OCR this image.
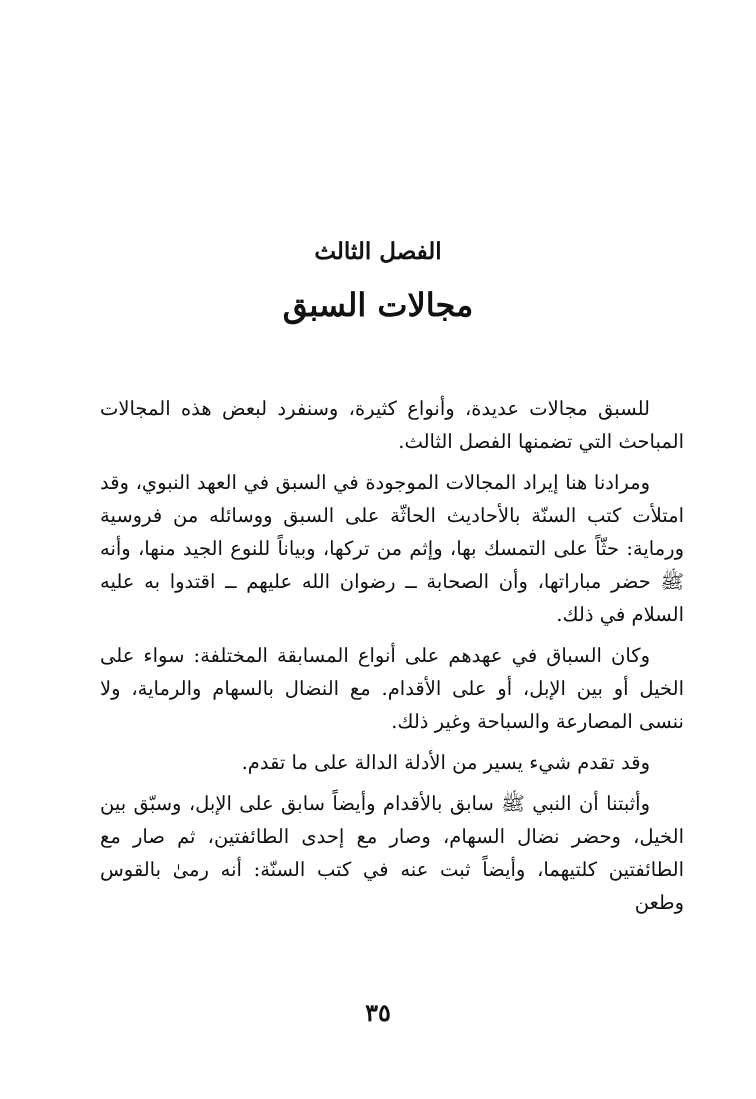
الفصل الثالث
مجالات السبق

للسبق مجالات عديدة، وأنواع كثيرة، وسنفرد لبعض هذه المجالات المباحث التي تضمنها الفصل الثالث.

ومرادنا هنا إيراد المجالات الموجودة في السبق في العهد النبوي، وقد امتلأت كتب السنّة بالأحاديث الحاثّة على السبق ووسائله من فروسية ورماية: حثّاً على التمسك بها، وإثم من تركها، وبياناً للنوع الجيد منها، وأنه ﷺ حضر مباراتها، وأن الصحابة ــ رضوان الله عليهم ــ اقتدوا به عليه السلام في ذلك.

وكان السباق في عهدهم على أنواع المسابقة المختلفة: سواء على الخيل أو بين الإبل، أو على الأقدام. مع النضال بالسهام والرماية، ولا ننسى المصارعة والسباحة وغير ذلك.

وقد تقدم شيء يسير من الأدلة الدالة على ما تقدم.

وأثبتنا أن النبي ﷺ سابق بالأقدام وأيضاً سابق على الإبل، وسبّق بين الخيل، وحضر نضال السهام، وصار مع إحدى الطائفتين، ثم صار مع الطائفتين كلتيهما، وأيضاً ثبت عنه في كتب السنّة: أنه رمىٰ بالقوس وطعن

٣٥
